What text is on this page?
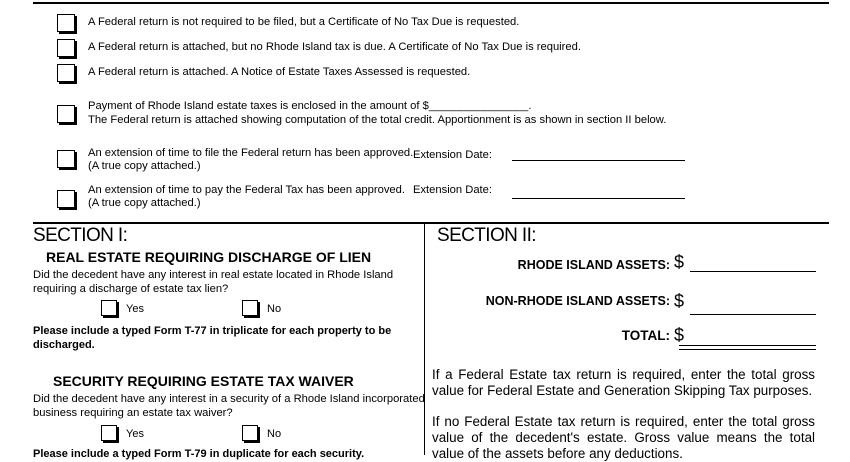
A Federal return is not required to be filed, but a Certificate of No Tax Due is requested.
A Federal return is attached, but no Rhode Island tax is due. A Certificate of No Tax Due is required.
A Federal return is attached. A Notice of Estate Taxes Assessed is requested.
Payment of Rhode Island estate taxes is enclosed in the amount of $________________.
The Federal return is attached showing computation of the total credit. Apportionment is as shown in section II below.
An extension of time to file the Federal return has been approved.
(A true copy attached.)
Extension Date:
An extension of time to pay the Federal Tax has been approved.
(A true copy attached.)
Extension Date:
SECTION I:
REAL ESTATE REQUIRING DISCHARGE OF LIEN
Did the decedent have any interest in real estate located in Rhode Island requiring a discharge of estate tax lien?
Yes	No
Please include a typed Form T-77 in triplicate for each property to be discharged.
SECURITY REQUIRING ESTATE TAX WAIVER
Did the decedent have any interest in a security of a Rhode Island incorporated business requiring an estate tax waiver?
Yes	No
Please include a typed Form T-79 in duplicate for each security.
SECTION II:
RHODE ISLAND ASSETS: $
NON-RHODE ISLAND ASSETS: $
TOTAL: $
If a Federal Estate tax return is required, enter the total gross value for Federal Estate and Generation Skipping Tax purposes.
If no Federal Estate tax return is required, enter the total gross value of the decedent's estate. Gross value means the total value of the assets before any deductions.
